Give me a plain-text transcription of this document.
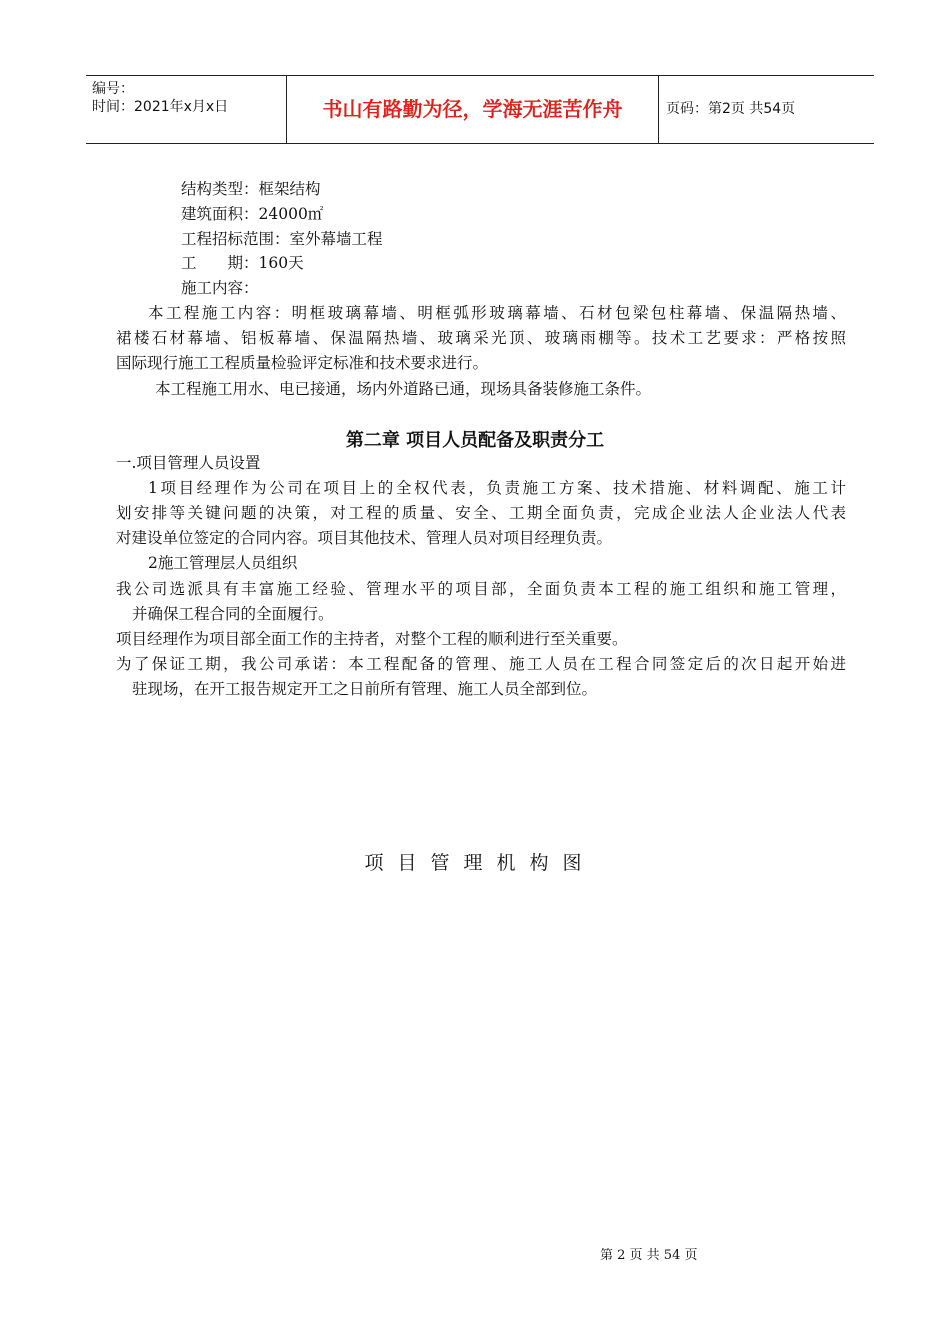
编号：
时间：2021年x月x日	书山有路勤为径，学海无涯苦作舟	页码：第2页 共54页
结构类型：框架结构
建筑面积：24000㎡
工程招标范围：室外幕墙工程
工　　期：160天
施工内容：
本工程施工内容：明框玻璃幕墙、明框弧形玻璃幕墙、石材包梁包柱幕墙、保温隔热墙、
裙楼石材幕墙、铝板幕墙、保温隔热墙、玻璃采光顶、玻璃雨棚等。技术工艺要求：严格按照
国际现行施工工程质量检验评定标准和技术要求进行。
本工程施工用水、电已接通，场内外道路已通，现场具备装修施工条件。
第二章 项目人员配备及职责分工
一.项目管理人员设置
1项目经理作为公司在项目上的全权代表，负责施工方案、技术措施、材料调配、施工计
划安排等关键问题的决策，对工程的质量、安全、工期全面负责，完成企业法人企业法人代表
对建设单位签定的合同内容。项目其他技术、管理人员对项目经理负责。
2施工管理层人员组织
我公司选派具有丰富施工经验、管理水平的项目部，全面负责本工程的施工组织和施工管理，
并确保工程合同的全面履行。
项目经理作为项目部全面工作的主持者，对整个工程的顺利进行至关重要。
为了保证工期，我公司承诺：本工程配备的管理、施工人员在工程合同签定后的次日起开始进
驻现场，在开工报告规定开工之日前所有管理、施工人员全部到位。
项目管理机构图
第 2 页 共 54 页
